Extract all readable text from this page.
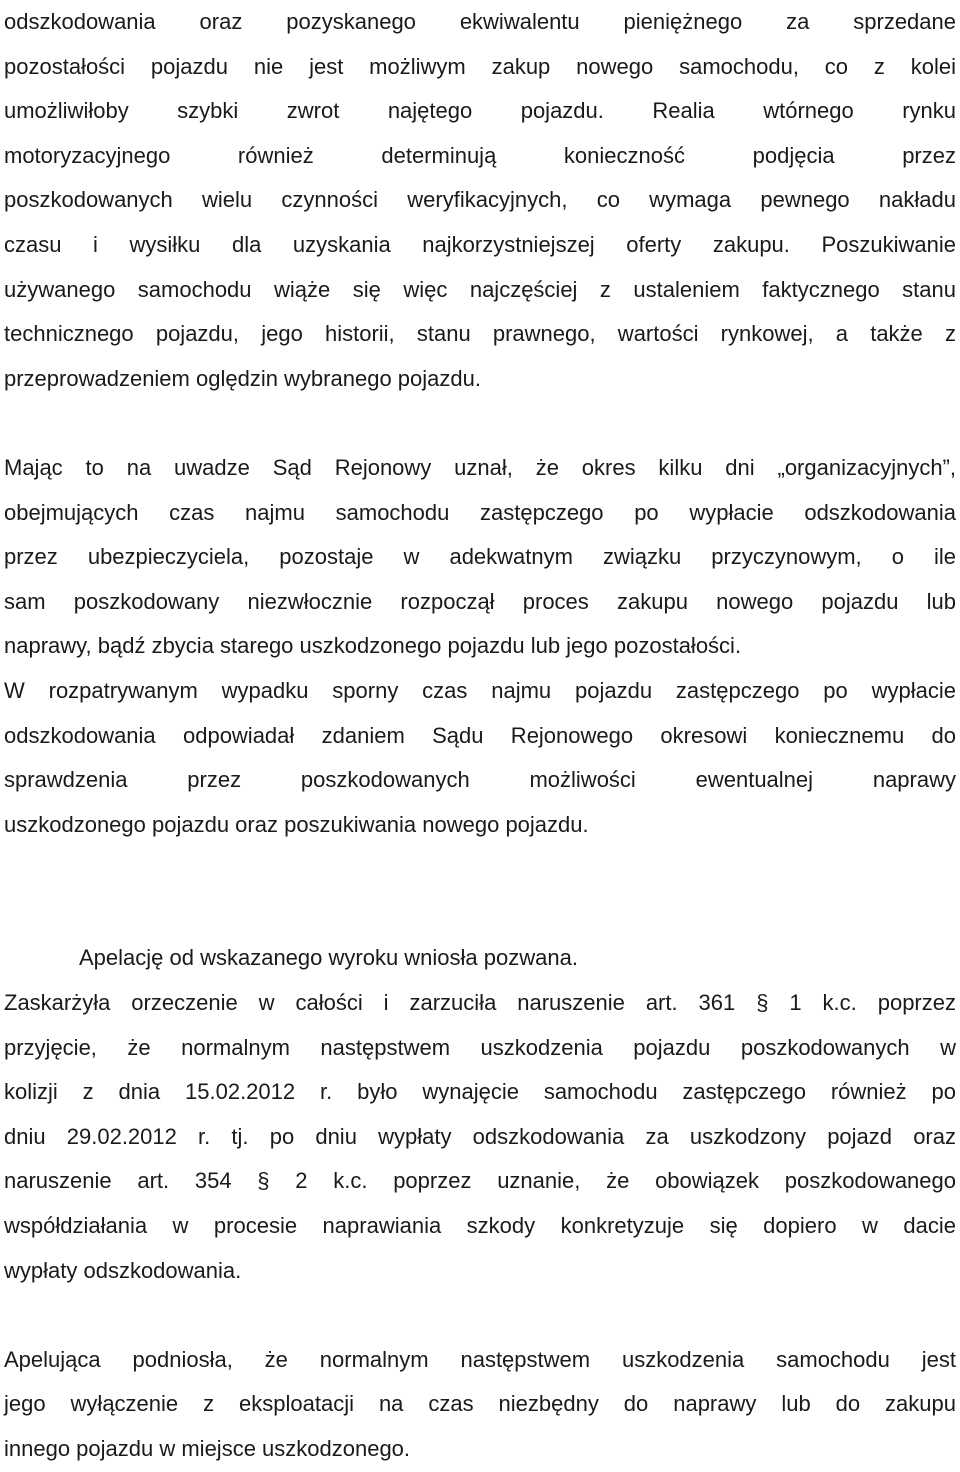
odszkodowania oraz pozyskanego ekwiwalentu pieniężnego za sprzedane
pozostałości pojazdu nie jest możliwym zakup nowego samochodu, co z kolei
umożliwiłoby szybki zwrot najętego pojazdu. Realia wtórnego rynku
motoryzacyjnego również determinują konieczność podjęcia przez
poszkodowanych wielu czynności weryfikacyjnych, co wymaga pewnego nakładu
czasu i wysiłku dla uzyskania najkorzystniejszej oferty zakupu. Poszukiwanie
używanego samochodu wiąże się więc najczęściej z ustaleniem faktycznego stanu
technicznego pojazdu, jego historii, stanu prawnego, wartości rynkowej, a także z
przeprowadzeniem oględzin wybranego pojazdu.
Mając to na uwadze Sąd Rejonowy uznał, że okres kilku dni „organizacyjnych”,
obejmujących czas najmu samochodu zastępczego po wypłacie odszkodowania
przez ubezpieczyciela, pozostaje w adekwatnym związku przyczynowym, o ile
sam poszkodowany niezwłocznie rozpoczął proces zakupu nowego pojazdu lub
naprawy, bądź zbycia starego uszkodzonego pojazdu lub jego pozostałości.
W rozpatrywanym wypadku sporny czas najmu pojazdu zastępczego po wypłacie
odszkodowania odpowiadał zdaniem Sądu Rejonowego okresowi koniecznemu do
sprawdzenia przez poszkodowanych możliwości ewentualnej naprawy
uszkodzonego pojazdu oraz poszukiwania nowego pojazdu.
Apelację od wskazanego wyroku wniosła pozwana.
Zaskarżyła orzeczenie w całości i zarzuciła naruszenie art. 361 § 1 k.c. poprzez
przyjęcie, że normalnym następstwem uszkodzenia pojazdu poszkodowanych w
kolizji z dnia 15.02.2012 r. było wynajęcie samochodu zastępczego również po
dniu 29.02.2012 r. tj. po dniu wypłaty odszkodowania za uszkodzony pojazd oraz
naruszenie art. 354 § 2 k.c. poprzez uznanie, że obowiązek poszkodowanego
współdziałania w procesie naprawiania szkody konkretyzuje się dopiero w dacie
wypłaty odszkodowania.
Apelująca podniosła, że normalnym następstwem uszkodzenia samochodu jest
jego wyłączenie z eksploatacji na czas niezbędny do naprawy lub do zakupu
innego pojazdu w miejsce uszkodzonego.
